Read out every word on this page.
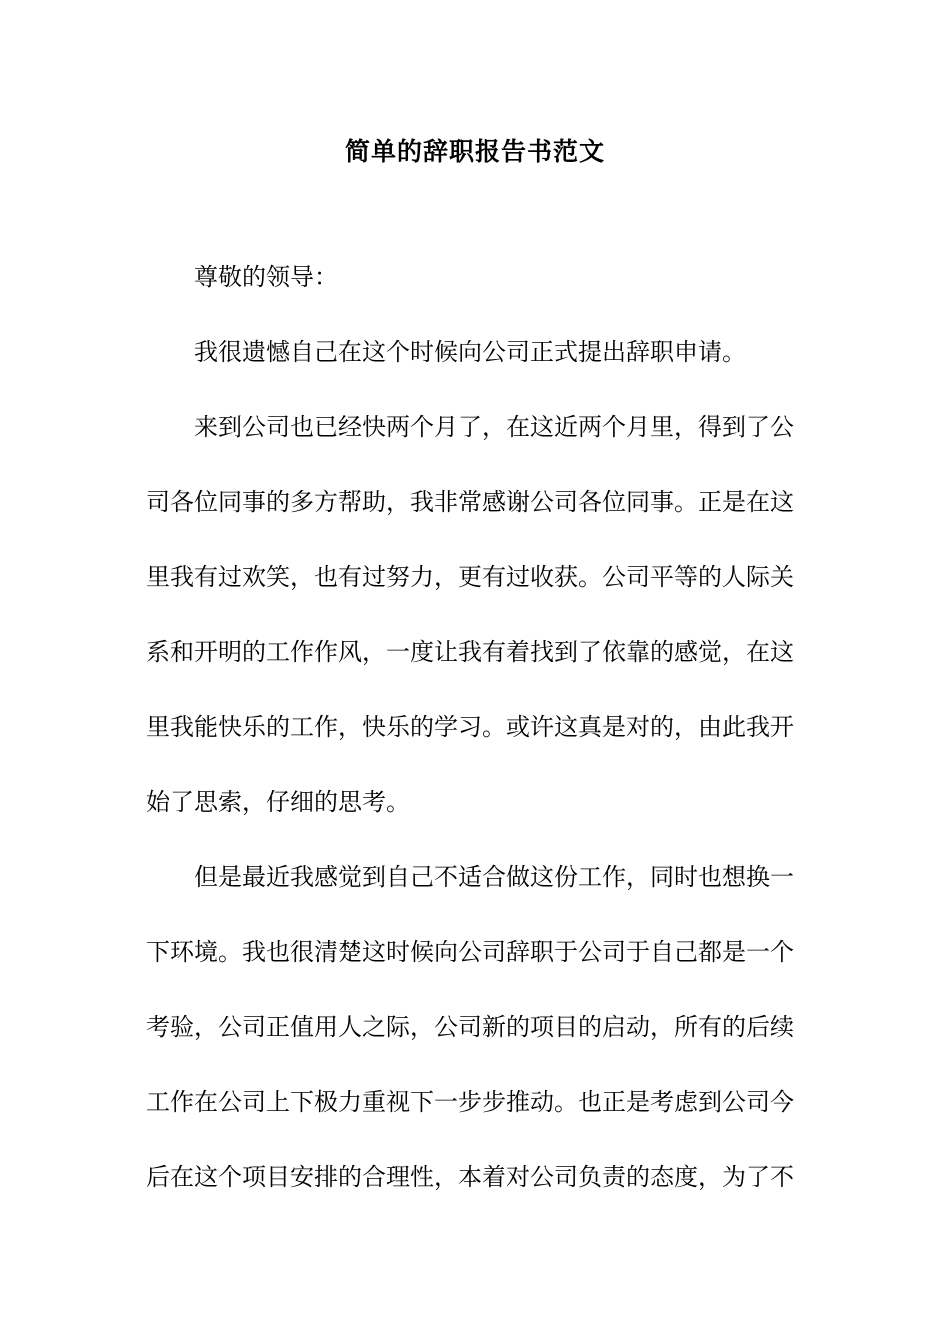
简单的辞职报告书范文
尊敬的领导：
我很遗憾自己在这个时候向公司正式提出辞职申请。
来到公司也已经快两个月了，在这近两个月里，得到了公
司各位同事的多方帮助，我非常感谢公司各位同事。正是在这
里我有过欢笑，也有过努力，更有过收获。公司平等的人际关
系和开明的工作作风，一度让我有着找到了依靠的感觉，在这
里我能快乐的工作，快乐的学习。或许这真是对的，由此我开
始了思索，仔细的思考。
但是最近我感觉到自己不适合做这份工作，同时也想换一
下环境。我也很清楚这时候向公司辞职于公司于自己都是一个
考验，公司正值用人之际，公司新的项目的启动，所有的后续
工作在公司上下极力重视下一步步推动。也正是考虑到公司今
后在这个项目安排的合理性，本着对公司负责的态度，为了不
